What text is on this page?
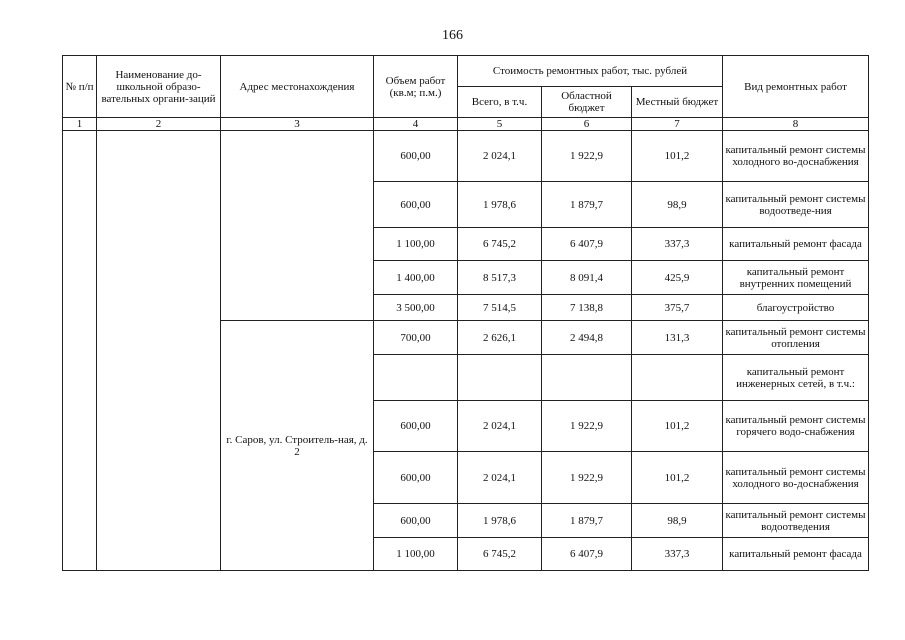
166
№ п/п	Наименование до-школьной образо-вательных органи-заций	Адрес местонахождения	Объем работ (кв.м; п.м.)	Стоимость ремонтных работ, тыс. рублей			Вид ремонтных работ
				Всего, в т.ч.	Областной бюджет	Местный бюджет	
1	2	3	4	5	6	7	8
			600,00	2 024,1	1 922,9	101,2	капитальный ремонт системы холодного во-доснабжения
			600,00	1 978,6	1 879,7	98,9	капитальный ремонт системы водоотведе-ния
			1 100,00	6 745,2	6 407,9	337,3	капитальный ремонт фасада
			1 400,00	8 517,3	8 091,4	425,9	капитальный ремонт внутренних помещений
			3 500,00	7 514,5	7 138,8	375,7	благоустройство
		г. Саров, ул. Строитель-ная, д. 2	700,00	2 626,1	2 494,8	131,3	капитальный ремонт системы отопления
							капитальный ремонт инженерных сетей, в т.ч.:
			600,00	2 024,1	1 922,9	101,2	капитальный ремонт системы горячего водо-снабжения
			600,00	2 024,1	1 922,9	101,2	капитальный ремонт системы холодного во-доснабжения
			600,00	1 978,6	1 879,7	98,9	капитальный ремонт системы водоотведения
			1 100,00	6 745,2	6 407,9	337,3	капитальный ремонт фасада
